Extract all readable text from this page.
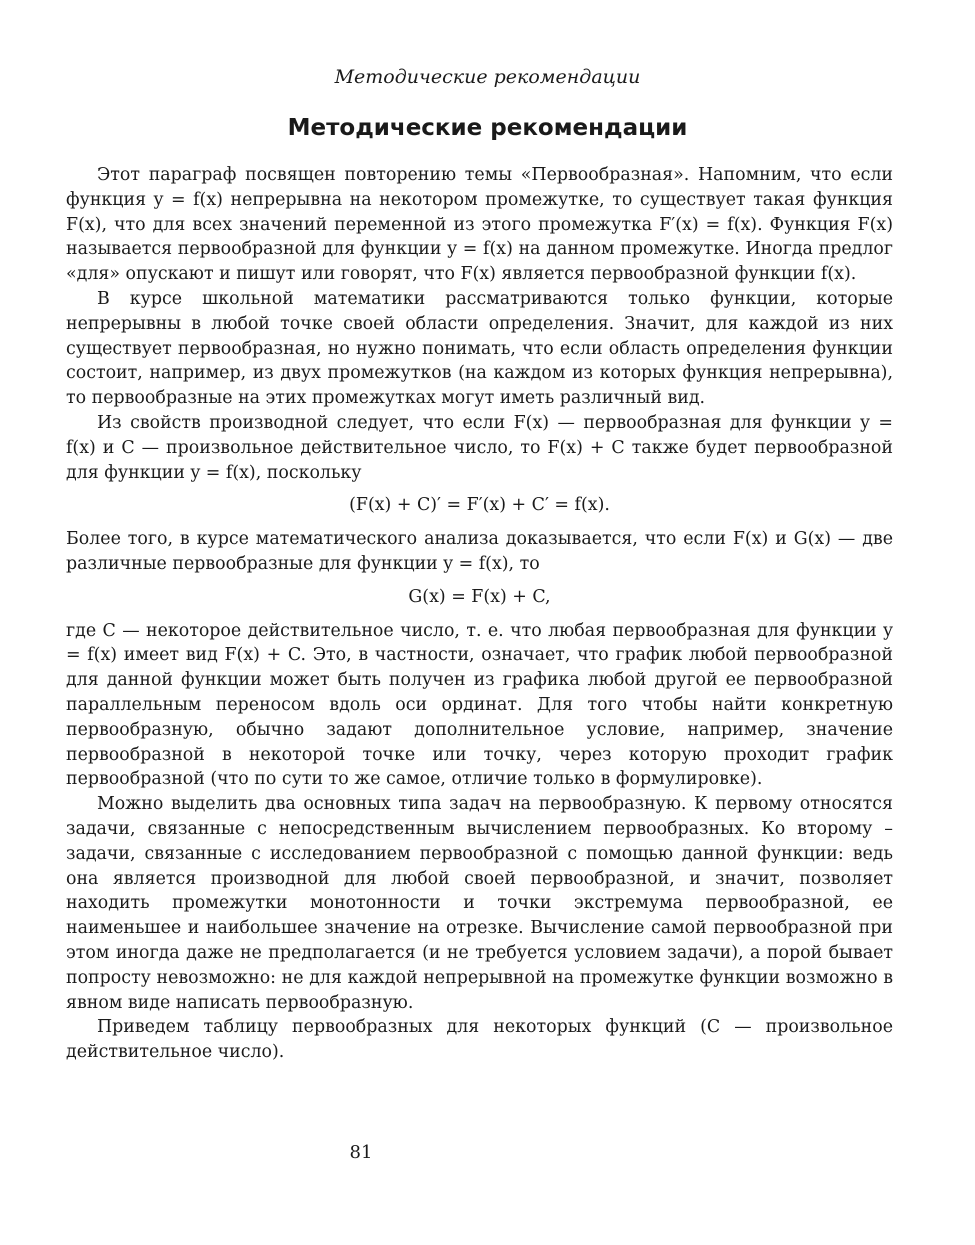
Методические рекомендации
Методические рекомендации

Этот параграф посвящен повторению темы «Первообразная». Напомним, что если функция y = f(x) непрерывна на некотором промежутке, то существует такая функция F(x), что для всех значений переменной из этого промежутка F′(x) = f(x). Функция F(x) называется первообразной для функции y = f(x) на данном промежутке. Иногда предлог «для» опускают и пишут или говорят, что F(x) является первообразной функции f(x).

В курсе школьной математики рассматриваются только функции, которые непрерывны в любой точке своей области определения. Значит, для каждой из них существует первообразная, но нужно понимать, что если область определения функции состоит, например, из двух промежутков (на каждом из которых функция непрерывна), то первообразные на этих промежутках могут иметь различный вид.

Из свойств производной следует, что если F(x) — первообразная для функции y = f(x) и C — произвольное действительное число, то F(x) + C также будет первообразной для функции y = f(x), поскольку

(F(x) + C)′ = F′(x) + C′ = f(x).

Более того, в курсе математического анализа доказывается, что если F(x) и G(x) — две различные первообразные для функции y = f(x), то

G(x) = F(x) + C,

где C — некоторое действительное число, т. е. что любая первообразная для функции y = f(x) имеет вид F(x) + C. Это, в частности, означает, что график любой первообразной для данной функции может быть получен из графика любой другой ее первообразной параллельным переносом вдоль оси ординат. Для того чтобы найти конкретную первообразную, обычно задают дополнительное условие, например, значение первообразной в некоторой точке или точку, через которую проходит график первообразной (что по сути то же самое, отличие только в формулировке).

Можно выделить два основных типа задач на первообразную. К первому относятся задачи, связанные с непосредственным вычислением первообразных. Ко второму – задачи, связанные с исследованием первообразной с помощью данной функции: ведь она является производной для любой своей первообразной, и значит, позволяет находить промежутки монотонности и точки экстремума первообразной, ее наименьшее и наибольшее значение на отрезке. Вычисление самой первообразной при этом иногда даже не предполагается (и не требуется условием задачи), а порой бывает попросту невозможно: не для каждой непрерывной на промежутке функции возможно в явном виде написать первообразную.

Приведем таблицу первообразных для некоторых функций (C — произвольное действительное число).

81
